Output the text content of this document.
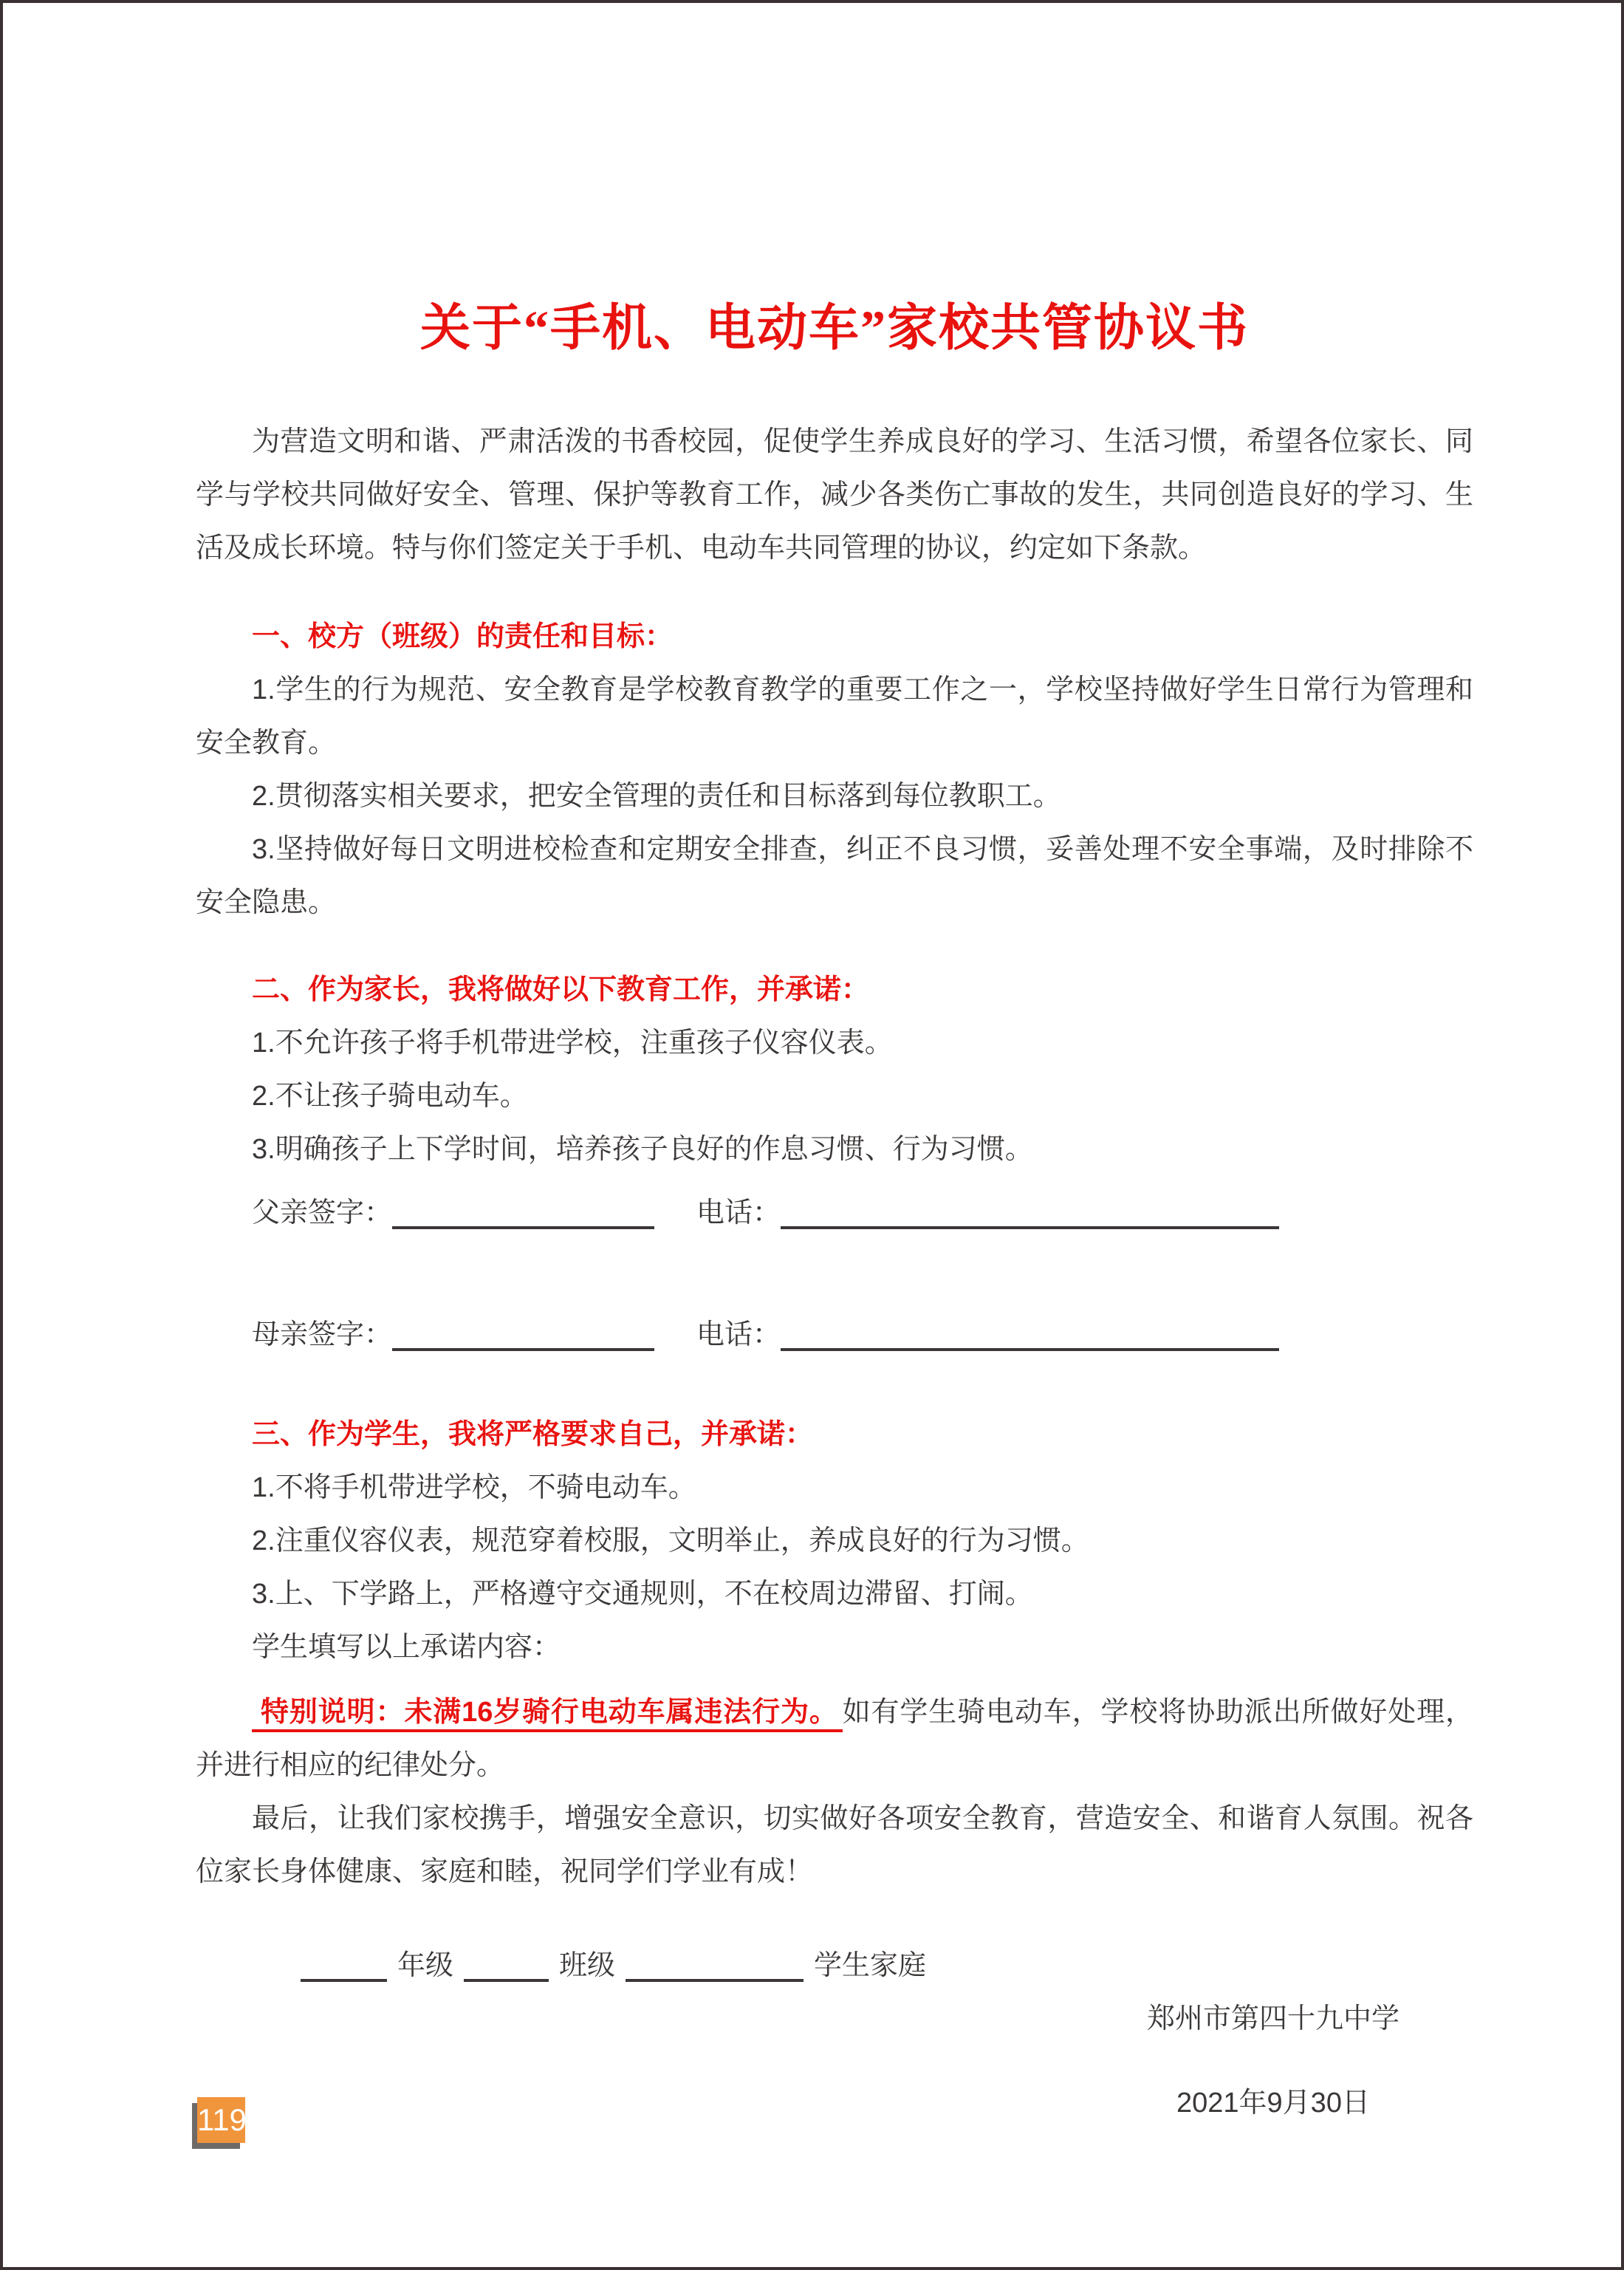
关于“手机、电动车”家校共管协议书

为营造文明和谐、严肃活泼的书香校园，促使学生养成良好的学习、生活习惯，希望各位家长、同学与学校共同做好安全、管理、保护等教育工作，减少各类伤亡事故的发生，共同创造良好的学习、生活及成长环境。特与你们签定关于手机、电动车共同管理的协议，约定如下条款。

一、校方（班级）的责任和目标：

1.学生的行为规范、安全教育是学校教育教学的重要工作之一，学校坚持做好学生日常行为管理和安全教育。

2.贯彻落实相关要求，把安全管理的责任和目标落到每位教职工。

3.坚持做好每日文明进校检查和定期安全排查，纠正不良习惯，妥善处理不安全事端，及时排除不安全隐患。

二、作为家长，我将做好以下教育工作，并承诺：

1.不允许孩子将手机带进学校，注重孩子仪容仪表。

2.不让孩子骑电动车。

3.明确孩子上下学时间，培养孩子良好的作息习惯、行为习惯。

父亲签字：	电话：
母亲签字：	电话：

三、作为学生，我将严格要求自己，并承诺：

1.不将手机带进学校，不骑电动车。

2.注重仪容仪表，规范穿着校服，文明举止，养成良好的行为习惯。

3.上、下学路上，严格遵守交通规则，不在校周边滞留、打闹。

学生填写以上承诺内容：

特别说明：未满16岁骑行电动车属违法行为。 如有学生骑电动车，学校将协助派出所做好处理，并进行相应的纪律处分。

最后，让我们家校携手，增强安全意识，切实做好各项安全教育，营造安全、和谐育人氛围。祝各位家长身体健康、家庭和睦，祝同学们学业有成！

年级	班级	学生家庭
郑州市第四十九中学
2021年9月30日
119
